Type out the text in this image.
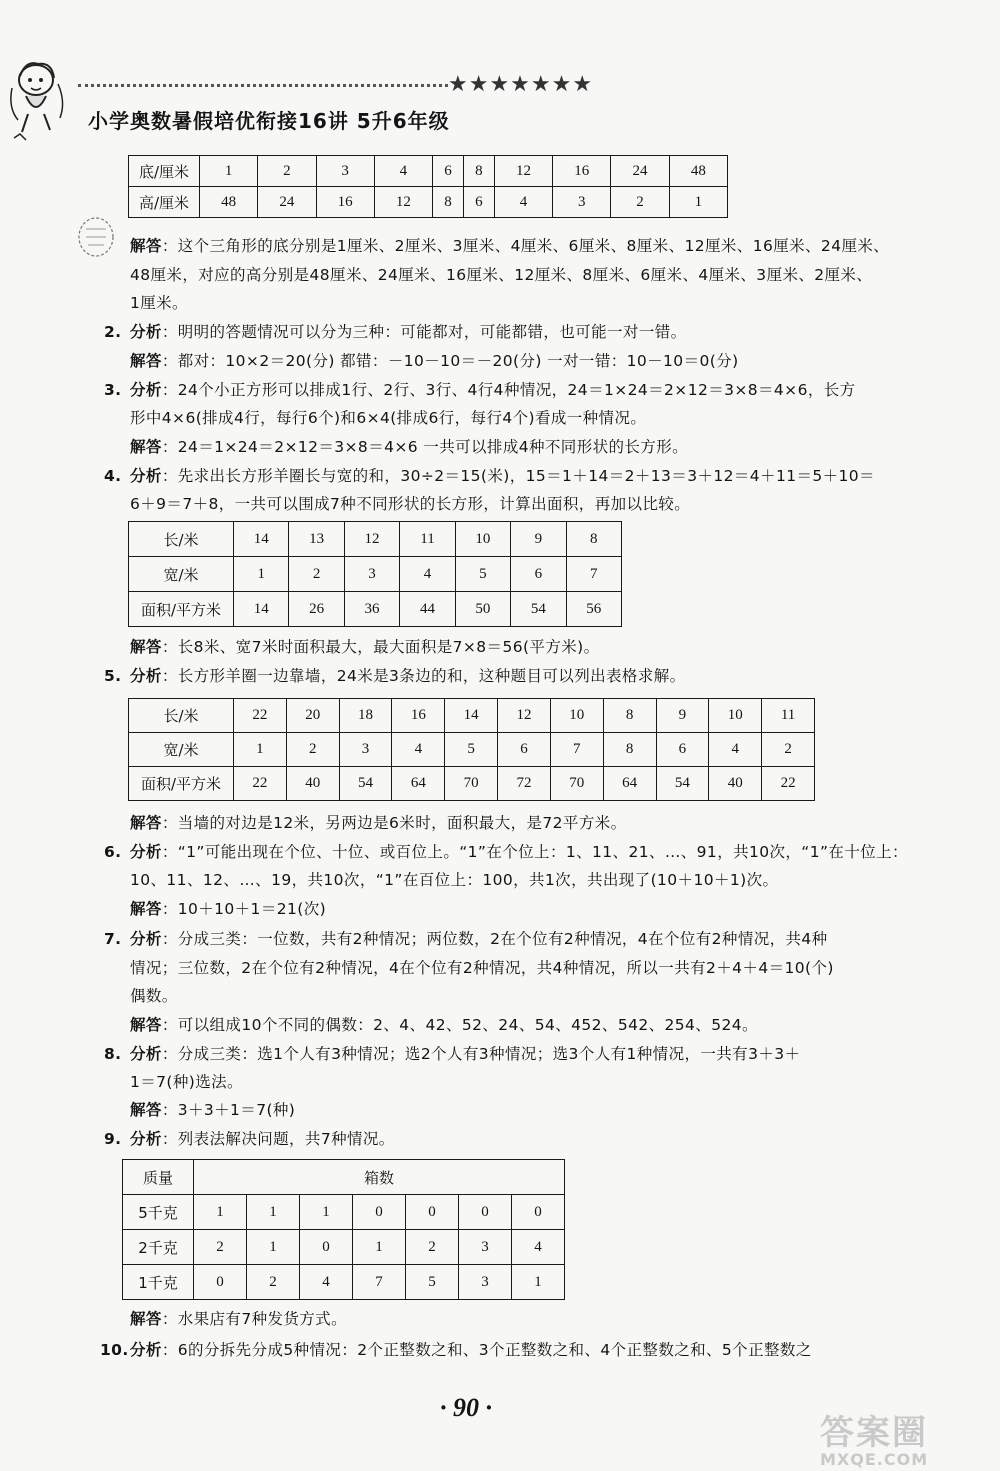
★★★★★★★
小学奥数暑假培优衔接16讲 5升6年级
底/厘米	1	2	3	4	6	8	12	16	24	48
高/厘米	48	24	16	12	8	6	4	3	2	1
解答：这个三角形的底分别是1厘米、2厘米、3厘米、4厘米、6厘米、8厘米、12厘米、16厘米、24厘米、
48厘米，对应的高分别是48厘米、24厘米、16厘米、12厘米、8厘米、6厘米、4厘米、3厘米、2厘米、
1厘米。
2. 分析：明明的答题情况可以分为三种：可能都对，可能都错，也可能一对一错。
解答：都对：10×2＝20(分) 都错：－10－10＝－20(分) 一对一错：10－10＝0(分)
3. 分析：24个小正方形可以排成1行、2行、3行、4行4种情况，24＝1×24＝2×12＝3×8＝4×6，长方
形中4×6(排成4行，每行6个)和6×4(排成6行，每行4个)看成一种情况。
解答：24＝1×24＝2×12＝3×8＝4×6 一共可以排成4种不同形状的长方形。
4. 分析：先求出长方形羊圈长与宽的和，30÷2＝15(米)，15＝1＋14＝2＋13＝3＋12＝4＋11＝5＋10＝
6＋9＝7＋8，一共可以围成7种不同形状的长方形，计算出面积，再加以比较。
长/米	14	13	12	11	10	9	8
宽/米	1	2	3	4	5	6	7
面积/平方米	14	26	36	44	50	54	56
解答：长8米、宽7米时面积最大，最大面积是7×8＝56(平方米)。
5. 分析：长方形羊圈一边靠墙，24米是3条边的和，这种题目可以列出表格求解。
长/米	22	20	18	16	14	12	10	8	9	10	11
宽/米	1	2	3	4	5	6	7	8	6	4	2
面积/平方米	22	40	54	64	70	72	70	64	54	40	22
解答：当墙的对边是12米，另两边是6米时，面积最大，是72平方米。
6. 分析：“1”可能出现在个位、十位、或百位上。“1”在个位上：1、11、21、…、91，共10次，“1”在十位上：
10、11、12、…、19，共10次，“1”在百位上：100，共1次，共出现了(10＋10＋1)次。
解答：10＋10＋1＝21(次)
7. 分析：分成三类：一位数，共有2种情况；两位数，2在个位有2种情况，4在个位有2种情况，共4种
情况；三位数，2在个位有2种情况，4在个位有2种情况，共4种情况，所以一共有2＋4＋4＝10(个)
偶数。
解答：可以组成10个不同的偶数：2、4、42、52、24、54、452、542、254、524。
8. 分析：分成三类：选1个人有3种情况；选2个人有3种情况；选3个人有1种情况，一共有3＋3＋
1＝7(种)选法。
解答：3＋3＋1＝7(种)
9. 分析：列表法解决问题，共7种情况。
质量	箱数						
5千克	1	1	1	0	0	0	0
2千克	2	1	0	1	2	3	4
1千克	0	2	4	7	5	3	1
解答：水果店有7种发货方式。
10.分析：6的分拆先分成5种情况：2个正整数之和、3个正整数之和、4个正整数之和、5个正整数之
· 90 ·
答案圈
MXQE.COM
